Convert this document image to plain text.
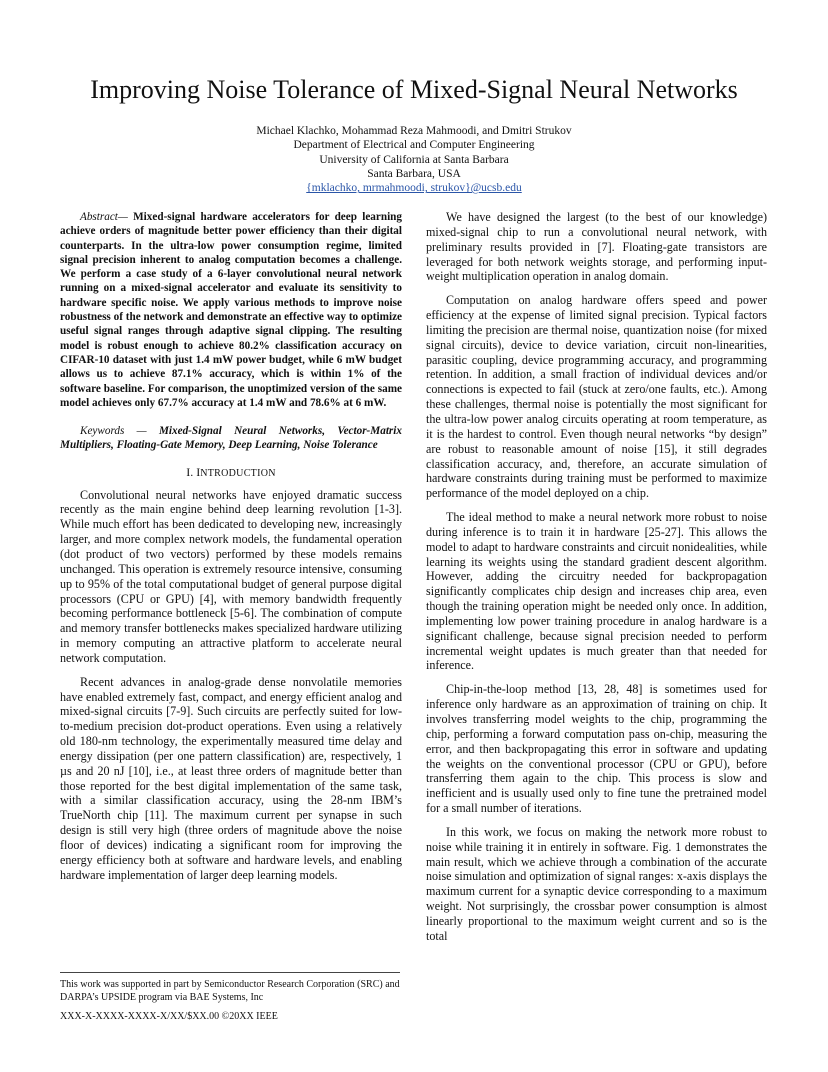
Improving Noise Tolerance of Mixed-Signal Neural Networks
Michael Klachko, Mohammad Reza Mahmoodi, and Dmitri Strukov
Department of Electrical and Computer Engineering
University of California at Santa Barbara
Santa Barbara, USA
{mklachko, mrmahmoodi, strukov}@ucsb.edu

Abstract— Mixed-signal hardware accelerators for deep learning achieve orders of magnitude better power efficiency than their digital counterparts. In the ultra-low power consumption regime, limited signal precision inherent to analog computation becomes a challenge. We perform a case study of a 6-layer convolutional neural network running on a mixed-signal accelerator and evaluate its sensitivity to hardware specific noise. We apply various methods to improve noise robustness of the network and demonstrate an effective way to optimize useful signal ranges through adaptive signal clipping. The resulting model is robust enough to achieve 80.2% classification accuracy on CIFAR-10 dataset with just 1.4 mW power budget, while 6 mW budget allows us to achieve 87.1% accuracy, which is within 1% of the software baseline. For comparison, the unoptimized version of the same model achieves only 67.7% accuracy at 1.4 mW and 78.6% at 6 mW.

Keywords — Mixed-Signal Neural Networks, Vector-Matrix Multipliers, Floating-Gate Memory, Deep Learning, Noise Tolerance

I. INTRODUCTION

Convolutional neural networks have enjoyed dramatic success recently as the main engine behind deep learning revolution [1-3]. While much effort has been dedicated to developing new, increasingly larger, and more complex network models, the fundamental operation (dot product of two vectors) performed by these models remains unchanged. This operation is extremely resource intensive, consuming up to 95% of the total computational budget of general purpose digital processors (CPU or GPU) [4], with memory bandwidth frequently becoming performance bottleneck [5-6]. The combination of compute and memory transfer bottlenecks makes specialized hardware utilizing in memory computing an attractive platform to accelerate neural network computation.

Recent advances in analog-grade dense nonvolatile memories have enabled extremely fast, compact, and energy efficient analog and mixed-signal circuits [7-9]. Such circuits are perfectly suited for low-to-medium precision dot-product operations. Even using a relatively old 180-nm technology, the experimentally measured time delay and energy dissipation (per one pattern classification) are, respectively, 1 µs and 20 nJ [10], i.e., at least three orders of magnitude better than those reported for the best digital implementation of the same task, with a similar classification accuracy, using the 28-nm IBM’s TrueNorth chip [11]. The maximum current per synapse in such design is still very high (three orders of magnitude above the noise floor of devices) indicating a significant room for improving the energy efficiency both at software and hardware levels, and enabling hardware implementation of larger deep learning models.

We have designed the largest (to the best of our knowledge) mixed-signal chip to run a convolutional neural network, with preliminary results provided in [7]. Floating-gate transistors are leveraged for both network weights storage, and performing input-weight multiplication operation in analog domain.

Computation on analog hardware offers speed and power efficiency at the expense of limited signal precision. Typical factors limiting the precision are thermal noise, quantization noise (for mixed signal circuits), device to device variation, circuit non-linearities, parasitic coupling, device programming accuracy, and programming retention. In addition, a small fraction of individual devices and/or connections is expected to fail (stuck at zero/one faults, etc.). Among these challenges, thermal noise is potentially the most significant for the ultra-low power analog circuits operating at room temperature, as it is the hardest to control. Even though neural networks “by design” are robust to reasonable amount of noise [15], it still degrades classification accuracy, and, therefore, an accurate simulation of hardware constraints during training must be performed to maximize performance of the model deployed on a chip.

The ideal method to make a neural network more robust to noise during inference is to train it in hardware [25-27]. This allows the model to adapt to hardware constraints and circuit nonidealities, while learning its weights using the standard gradient descent algorithm. However, adding the circuitry needed for backpropagation significantly complicates chip design and increases chip area, even though the training operation might be needed only once. In addition, implementing low power training procedure in analog hardware is a significant challenge, because signal precision needed to perform incremental weight updates is much greater than that needed for inference.

Chip-in-the-loop method [13, 28, 48] is sometimes used for inference only hardware as an approximation of training on chip. It involves transferring model weights to the chip, programming the chip, performing a forward computation pass on-chip, measuring the error, and then backpropagating this error in software and updating the weights on the conventional processor (CPU or GPU), before transferring them again to the chip. This process is slow and inefficient and is usually used only to fine tune the pretrained model for a small number of iterations.

In this work, we focus on making the network more robust to noise while training it in entirely in software. Fig. 1 demonstrates the main result, which we achieve through a combination of the accurate noise simulation and optimization of signal ranges: x-axis displays the maximum current for a synaptic device corresponding to a maximum weight. Not surprisingly, the crossbar power consumption is almost linearly proportional to the maximum weight current and so is the total

This work was supported in part by Semiconductor Research Corporation (SRC) and DARPA’s UPSIDE program via BAE Systems, Inc
XXX-X-XXXX-XXXX-X/XX/$XX.00 ©20XX IEEE
